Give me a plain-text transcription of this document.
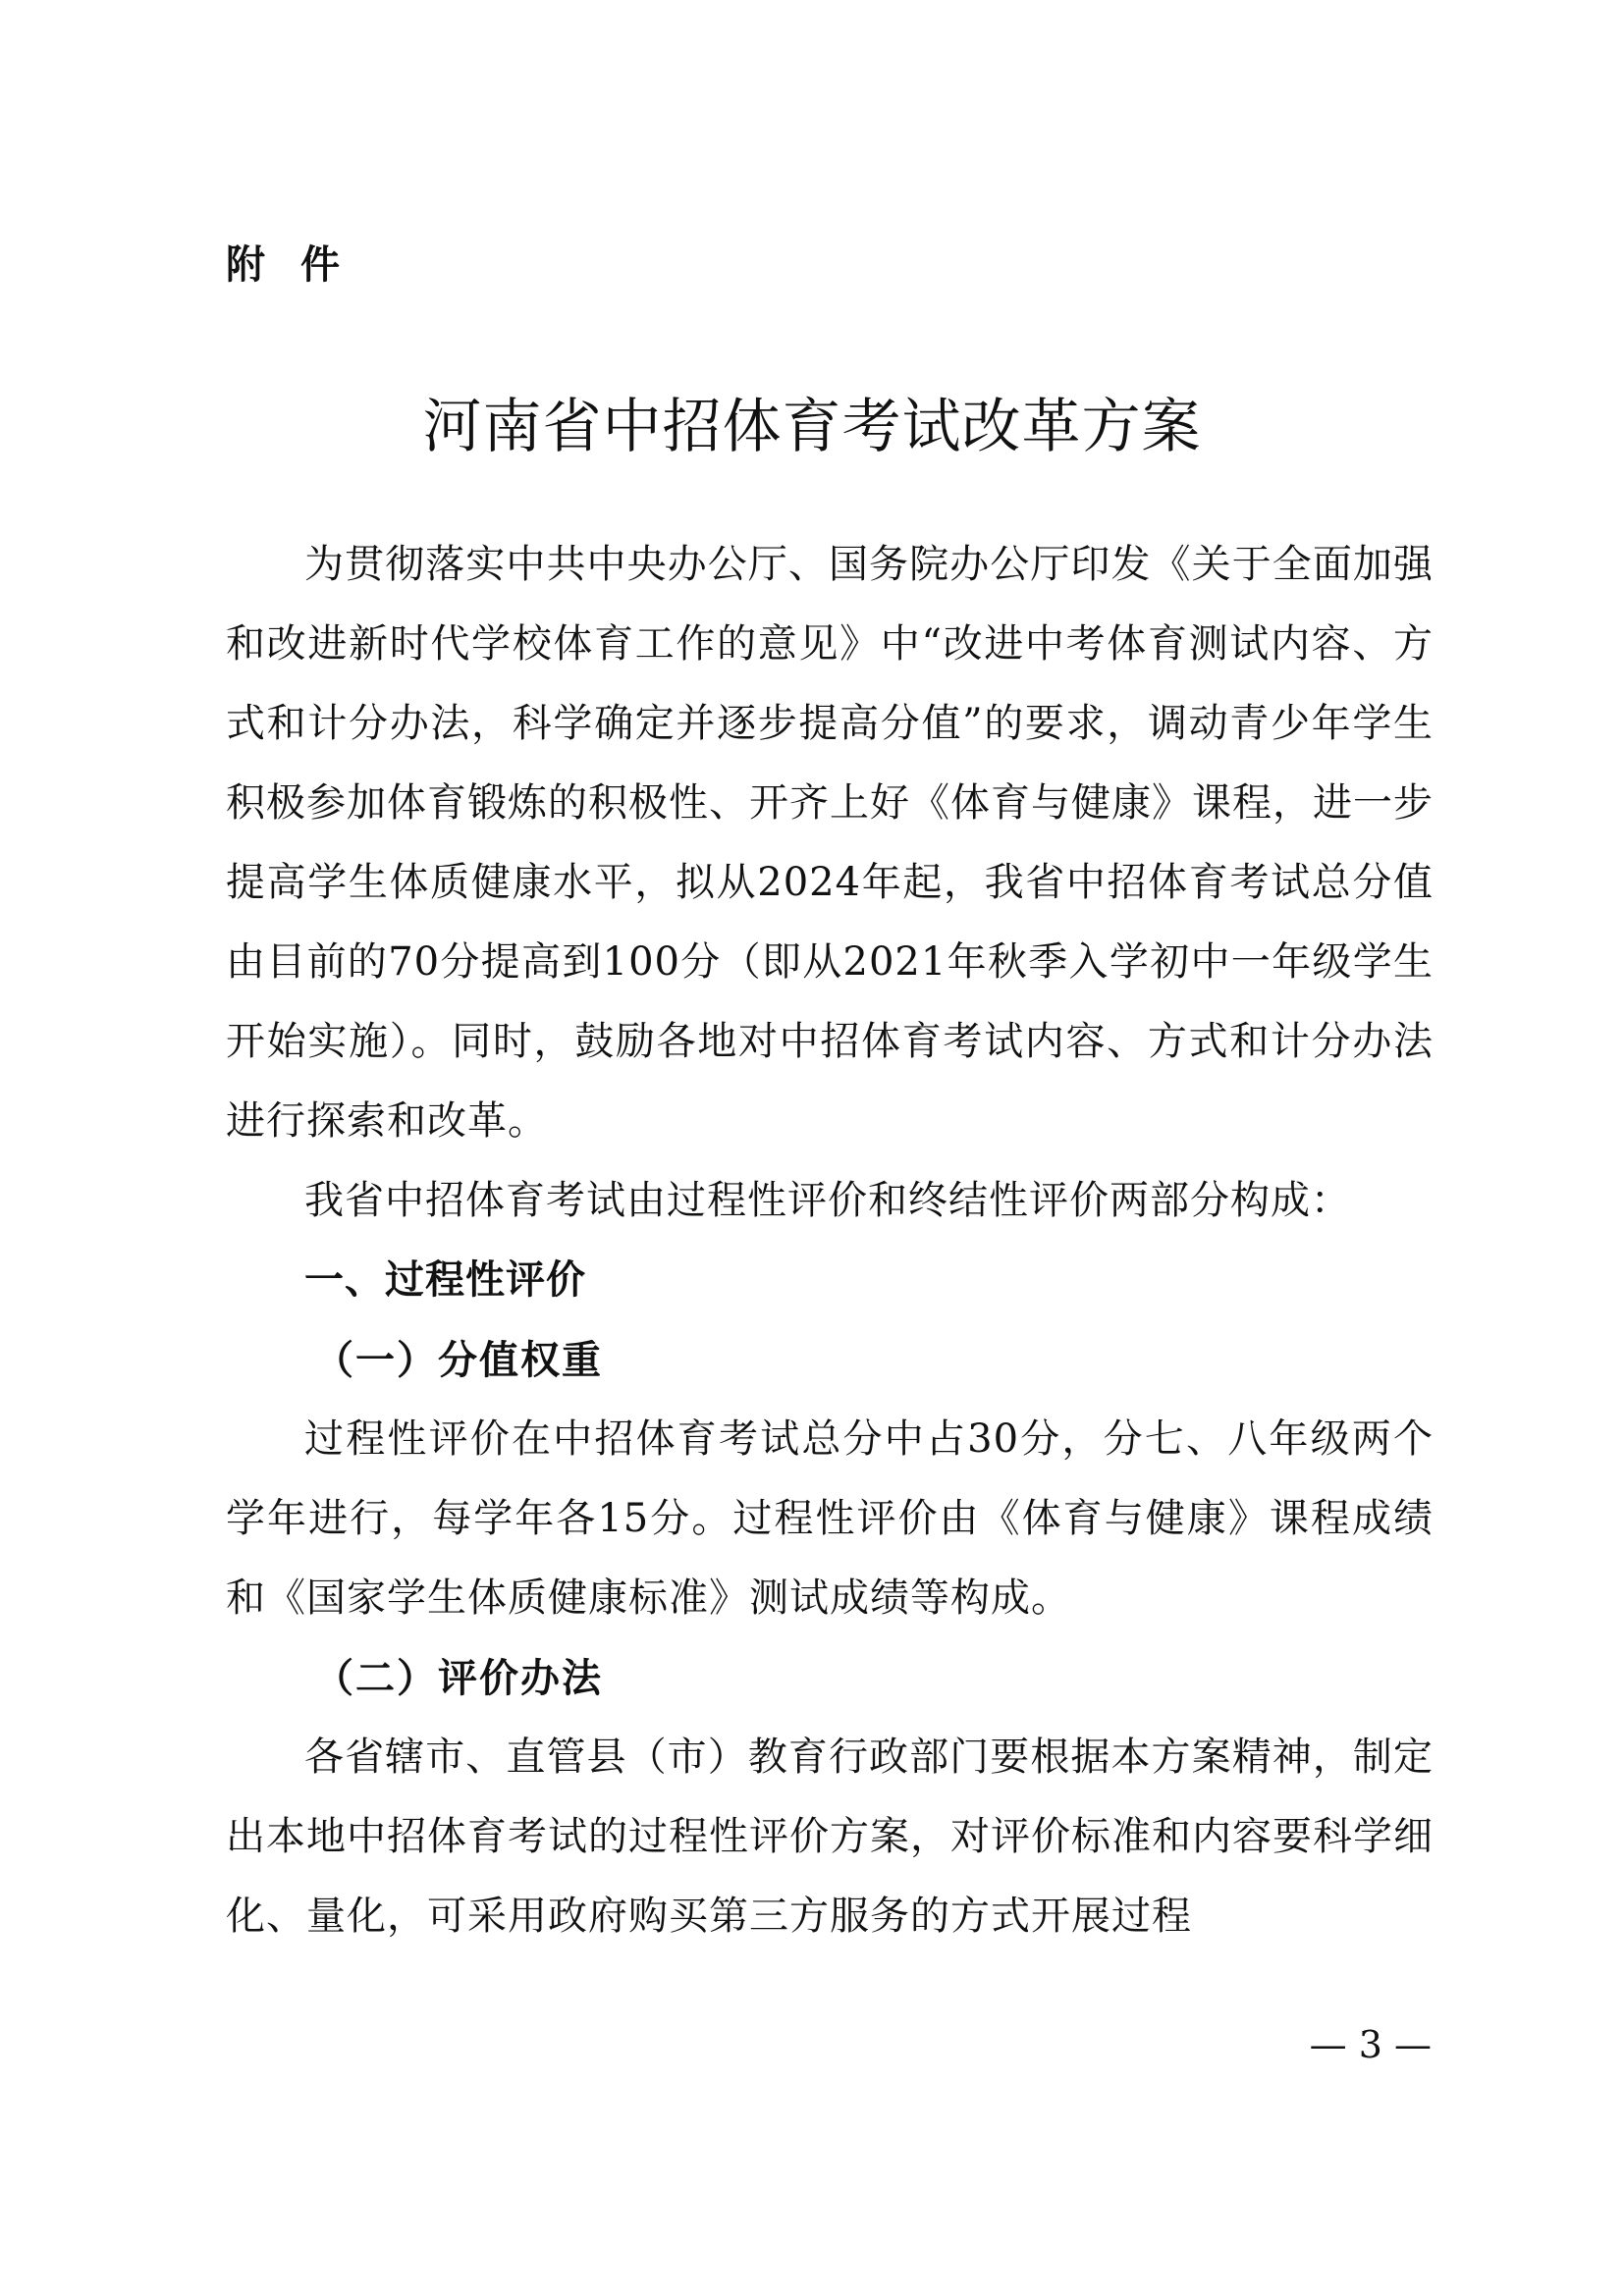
附件
河南省中招体育考试改革方案

为贯彻落实中共中央办公厅、国务院办公厅印发《关于全面加强和改进新时代学校体育工作的意见》中“改进中考体育测试内容、方式和计分办法，科学确定并逐步提高分值”的要求，调动青少年学生积极参加体育锻炼的积极性、开齐上好《体育与健康》课程，进一步提高学生体质健康水平，拟从2024年起，我省中招体育考试总分值由目前的70分提高到100分（即从2021年秋季入学初中一年级学生开始实施）。同时，鼓励各地对中招体育考试内容、方式和计分办法进行探索和改革。

我省中招体育考试由过程性评价和终结性评价两部分构成：

一、过程性评价

（一）分值权重

过程性评价在中招体育考试总分中占30分，分七、八年级两个学年进行，每学年各15分。过程性评价由《体育与健康》课程成绩和《国家学生体质健康标准》测试成绩等构成。

（二）评价办法

各省辖市、直管县（市）教育行政部门要根据本方案精神，制定出本地中招体育考试的过程性评价方案，对评价标准和内容要科学细化、量化，可采用政府购买第三方服务的方式开展过程

— 3 —
